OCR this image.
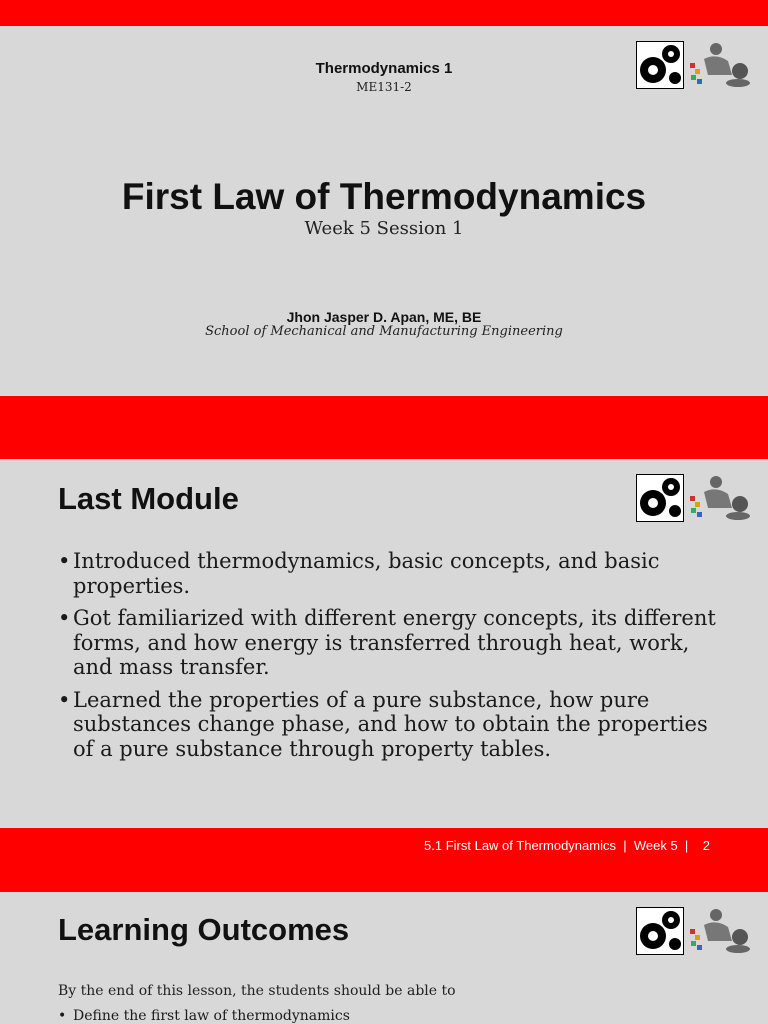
Thermodynamics 1
ME131-2
First Law of Thermodynamics
Week 5 Session 1
Jhon Jasper D. Apan, ME, BE
School of Mechanical and Manufacturing Engineering
Last Module
• Introduced thermodynamics, basic concepts, and basic properties.
• Got familiarized with different energy concepts, its different forms, and how energy is transferred through heat, work, and mass transfer.
• Learned the properties of a pure substance, how pure substances change phase, and how to obtain the properties of a pure substance through property tables.
5.1 First Law of Thermodynamics  |  Week 5  |    2
Learning Outcomes
By the end of this lesson, the students should be able to
• Define the first law of thermodynamics
